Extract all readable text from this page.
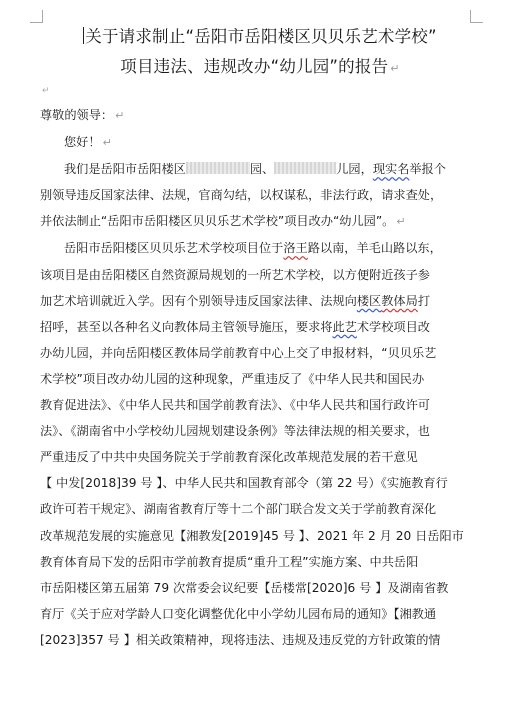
关于请求制止“岳阳市岳阳楼区贝贝乐艺术学校”
项目违法、违规改办“幼儿园”的报告 ↵
↵

尊敬的领导： ↵

您好！ ↵

我们是岳阳市岳阳楼区	园、	儿园，现实名举报个

别领导违反国家法律、法规，官商勾结，以权谋私，非法行政，请求查处，

并依法制止“岳阳市岳阳楼区贝贝乐艺术学校”项目改办“幼儿园”。 ↵

岳阳市岳阳楼区贝贝乐艺术学校项目位于洛王路以南，羊毛山路以东，

该项目是由岳阳楼区自然资源局规划的一所艺术学校，以方便附近孩子参

加艺术培训就近入学。因有个别领导违反国家法律、法规向楼区教体局打

招呼，甚至以各种名义向教体局主管领导施压，要求将此艺术学校项目改

办幼儿园，并向岳阳楼区教体局学前教育中心上交了申报材料，“贝贝乐艺

术学校”项目改办幼儿园的这种现象，严重违反了《中华人民共和国民办

教育促进法》、《中华人民共和国学前教育法》、《中华人民共和国行政许可

法》、《湖南省中小学校幼儿园规划建设条例》等法律法规的相关要求，也

严重违反了中共中央国务院关于学前教育深化改革规范发展的若干意见

【 中发[2018]39 号 】、中华人民共和国教育部令（第 22 号）《实施教育行

政许可若干规定》、湖南省教育厅等十二个部门联合发文关于学前教育深化

改革规范发展的实施意见【湘教发[2019]45 号 】、2021 年 2 月 20 日岳阳市

教育体育局下发的岳阳市学前教育提质“重升工程”实施方案、中共岳阳

市岳阳楼区第五届第 79 次常委会议纪要【岳楼常[2020]6 号 】及湖南省教

育厅《关于应对学龄人口变化调整优化中小学幼儿园布局的通知》【湘教通

[2023]357 号 】相关政策精神，现将违法、违规及违反党的方针政策的情
